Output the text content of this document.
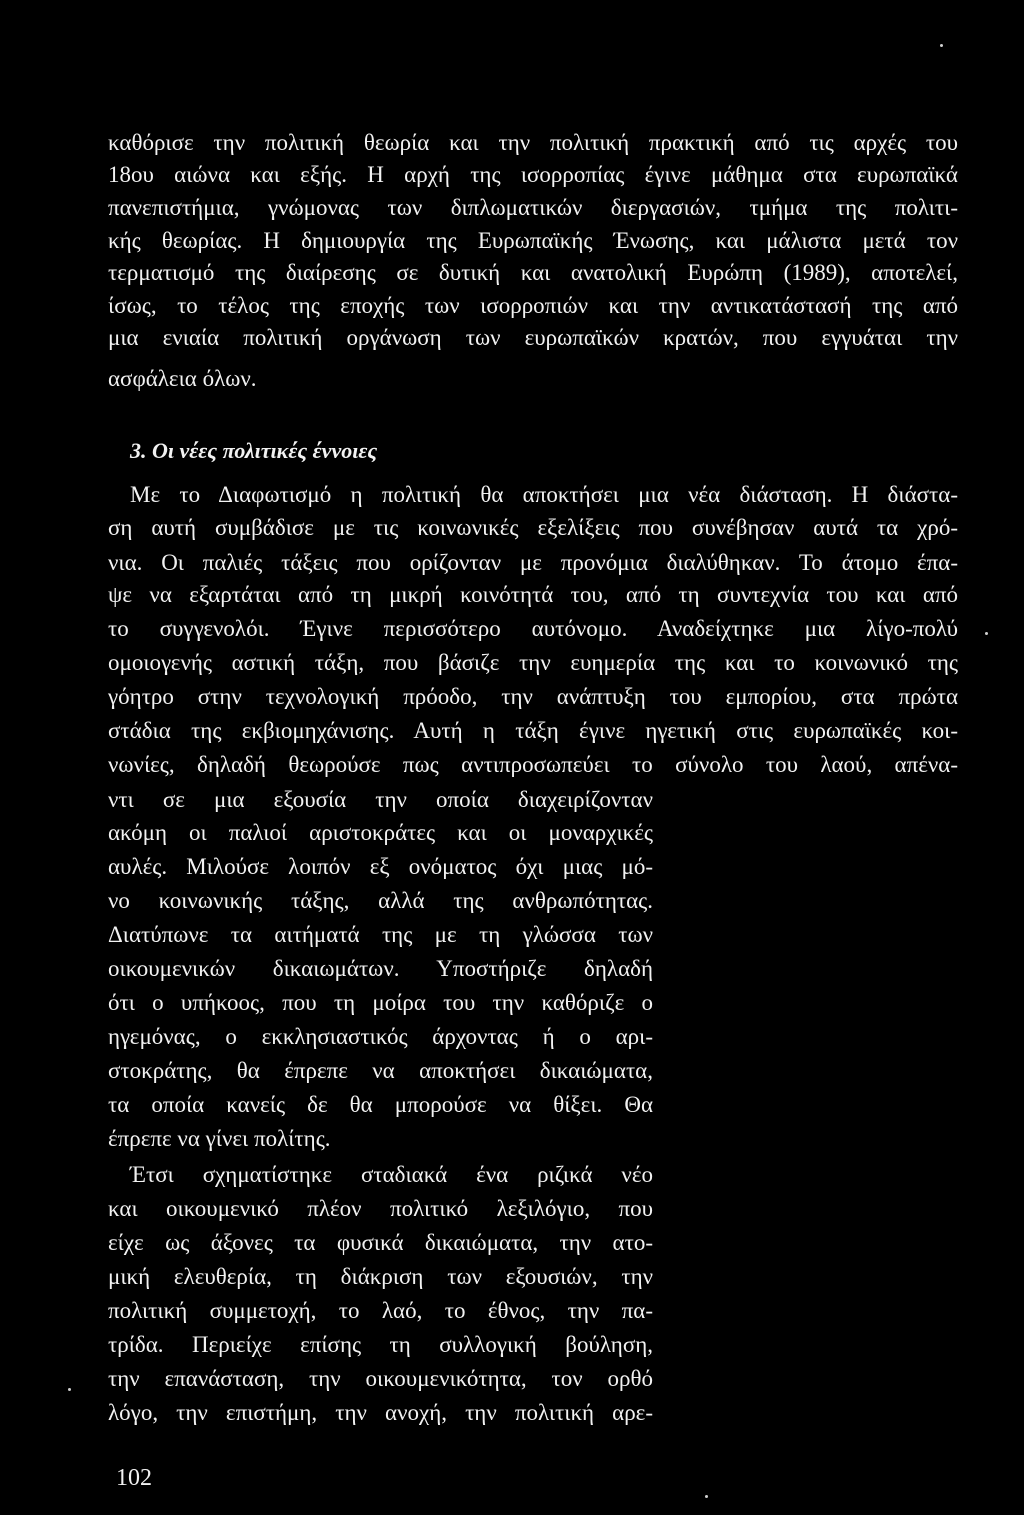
καθόρισε την πολιτική θεωρία και την πολιτική πρακτική από τις αρχές του
18ου αιώνα και εξής. Η αρχή της ισορροπίας έγινε μάθημα στα ευρωπαϊκά
πανεπιστήμια, γνώμονας των διπλωματικών διεργασιών, τμήμα της πολιτι-
κής θεωρίας. Η δημιουργία της Ευρωπαϊκής Ένωσης, και μάλιστα μετά τον
τερματισμό της διαίρεσης σε δυτική και ανατολική Ευρώπη (1989), αποτελεί,
ίσως, το τέλος της εποχής των ισορροπιών και την αντικατάστασή της από
μια ενιαία πολιτική οργάνωση των ευρωπαϊκών κρατών, που εγγυάται την
ασφάλεια όλων.
3. Οι νέες πολιτικές έννοιες
Με το Διαφωτισμό η πολιτική θα αποκτήσει μια νέα διάσταση. Η διάστα-
ση αυτή συμβάδισε με τις κοινωνικές εξελίξεις που συνέβησαν αυτά τα χρό-
νια. Οι παλιές τάξεις που ορίζονταν με προνόμια διαλύθηκαν. Το άτομο έπα-
ψε να εξαρτάται από τη μικρή κοινότητά του, από τη συντεχνία του και από
το συγγενολόι. Έγινε περισσότερο αυτόνομο. Αναδείχτηκε μια λίγο-πολύ
ομοιογενής αστική τάξη, που βάσιζε την ευημερία της και το κοινωνικό της
γόητρο στην τεχνολογική πρόοδο, την ανάπτυξη του εμπορίου, στα πρώτα
στάδια της εκβιομηχάνισης. Αυτή η τάξη έγινε ηγετική στις ευρωπαϊκές κοι-
νωνίες, δηλαδή θεωρούσε πως αντιπροσωπεύει το σύνολο του λαού, απένα-
ντι σε μια εξουσία την οποία διαχειρίζονταν
ακόμη οι παλιοί αριστοκράτες και οι μοναρχικές
αυλές. Μιλούσε λοιπόν εξ ονόματος όχι μιας μό-
νο κοινωνικής τάξης, αλλά της ανθρωπότητας.
Διατύπωνε τα αιτήματά της με τη γλώσσα των
οικουμενικών δικαιωμάτων. Υποστήριζε δηλαδή
ότι ο υπήκοος, που τη μοίρα του την καθόριζε ο
ηγεμόνας, ο εκκλησιαστικός άρχοντας ή ο αρι-
στοκράτης, θα έπρεπε να αποκτήσει δικαιώματα,
τα οποία κανείς δε θα μπορούσε να θίξει. Θα
έπρεπε να γίνει πολίτης.
Έτσι σχηματίστηκε σταδιακά ένα ριζικά νέο
και οικουμενικό πλέον πολιτικό λεξιλόγιο, που
είχε ως άξονες τα φυσικά δικαιώματα, την ατο-
μική ελευθερία, τη διάκριση των εξουσιών, την
πολιτική συμμετοχή, το λαό, το έθνος, την πα-
τρίδα. Περιείχε επίσης τη συλλογική βούληση,
την επανάσταση, την οικουμενικότητα, τον ορθό
λόγο, την επιστήμη, την ανοχή, την πολιτική αρε-
102
